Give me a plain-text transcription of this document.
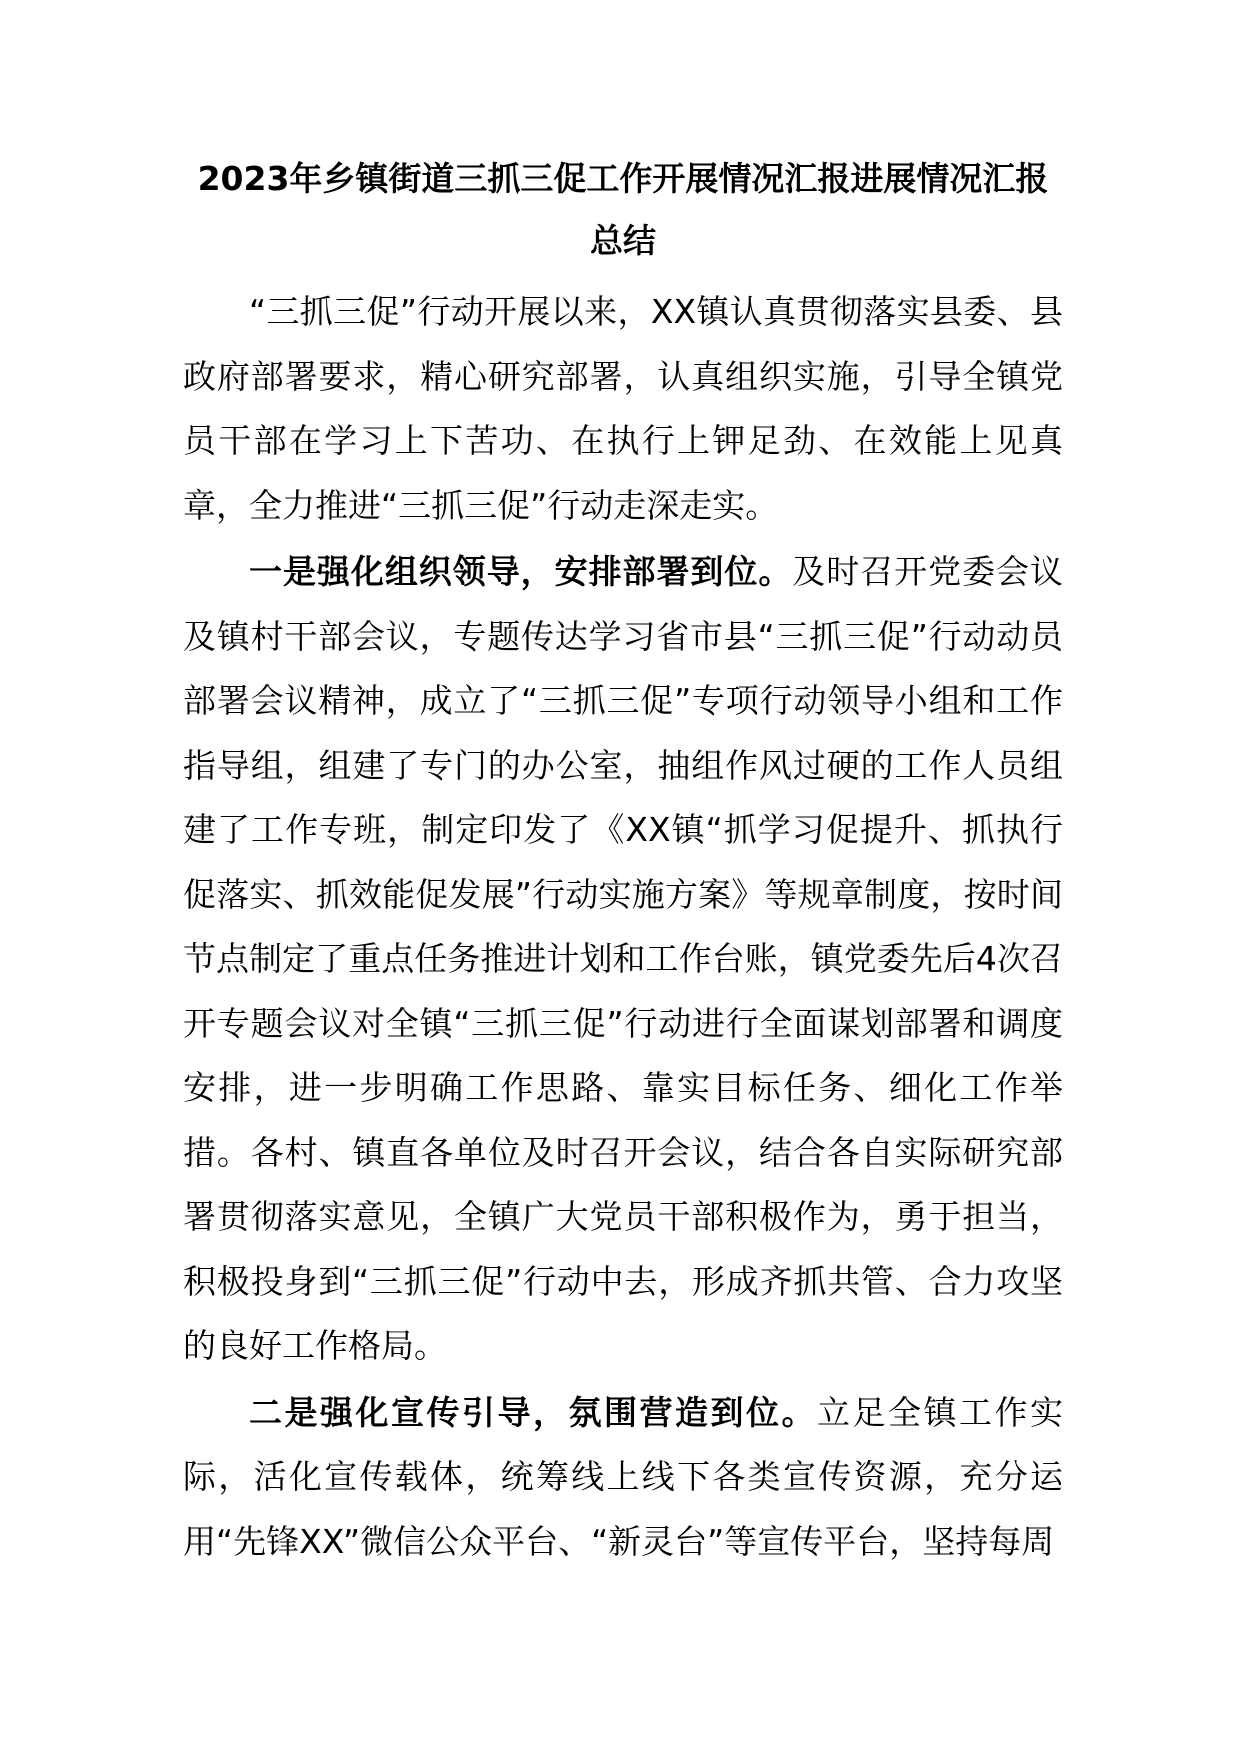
2023年乡镇街道三抓三促工作开展情况汇报进展情况汇报
总结

“三抓三促”行动开展以来，XX镇认真贯彻落实县委、县政府部署要求，精心研究部署，认真组织实施，引导全镇党员干部在学习上下苦功、在执行上钾足劲、在效能上见真章，全力推进“三抓三促”行动走深走实。

一是强化组织领导，安排部署到位。及时召开党委会议及镇村干部会议，专题传达学习省市县“三抓三促”行动动员部署会议精神，成立了“三抓三促”专项行动领导小组和工作指导组，组建了专门的办公室，抽组作风过硬的工作人员组建了工作专班，制定印发了《XX镇“抓学习促提升、抓执行促落实、抓效能促发展”行动实施方案》等规章制度，按时间节点制定了重点任务推进计划和工作台账，镇党委先后4次召开专题会议对全镇“三抓三促”行动进行全面谋划部署和调度安排，进一步明确工作思路、靠实目标任务、细化工作举措。各村、镇直各单位及时召开会议，结合各自实际研究部署贯彻落实意见，全镇广大党员干部积极作为，勇于担当，积极投身到“三抓三促”行动中去，形成齐抓共管、合力攻坚的良好工作格局。

二是强化宣传引导，氛围营造到位。立足全镇工作实际，活化宣传载体，统筹线上线下各类宣传资源，充分运用“先锋XX”微信公众平台、“新灵台”等宣传平台，坚持每周
